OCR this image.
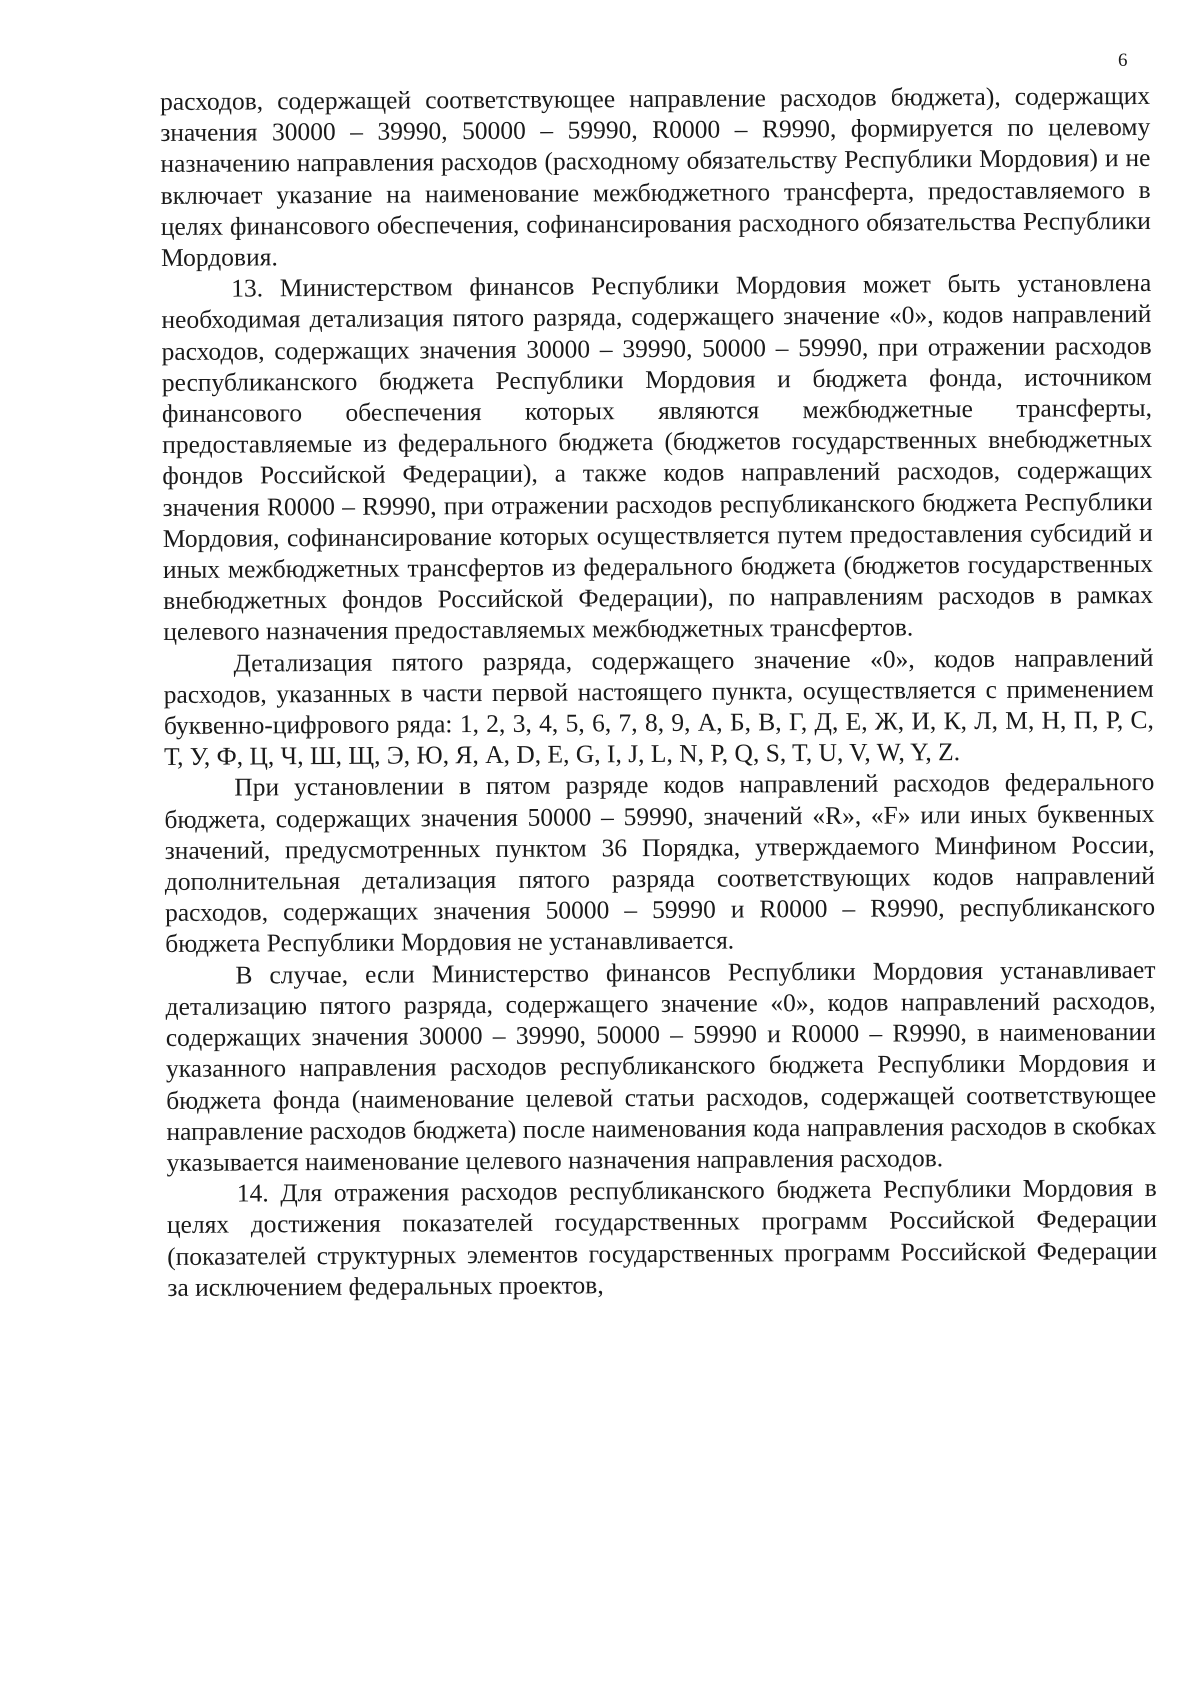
6

расходов, содержащей соответствующее направление расходов бюджета), содержащих значения 30000 – 39990, 50000 – 59990, R0000 – R9990, формируется по целевому назначению направления расходов (расходному обязательству Республики Мордовия) и не включает указание на наименование межбюджетного трансферта, предоставляемого в целях финансового обеспечения, софинансирования расходного обязательства Республики Мордовия.

13. Министерством финансов Республики Мордовия может быть установлена необходимая детализация пятого разряда, содержащего значение «0», кодов направлений расходов, содержащих значения 30000 – 39990, 50000 – 59990, при отражении расходов республиканского бюджета Республики Мордовия и бюджета фонда, источником финансового обеспечения которых являются межбюджетные трансферты, предоставляемые из федерального бюджета (бюджетов государственных внебюджетных фондов Российской Федерации), а также кодов направлений расходов, содержащих значения R0000 – R9990, при отражении расходов республиканского бюджета Республики Мордовия, софинансирование которых осуществляется путем предоставления субсидий и иных межбюджетных трансфертов из федерального бюджета (бюджетов государственных внебюджетных фондов Российской Федерации), по направлениям расходов в рамках целевого назначения предоставляемых межбюджетных трансфертов.

Детализация пятого разряда, содержащего значение «0», кодов направлений расходов, указанных в части первой настоящего пункта, осуществляется с применением буквенно-цифрового ряда: 1, 2, 3, 4, 5, 6, 7, 8, 9, А, Б, В, Г, Д, Е, Ж, И, К, Л, М, Н, П, Р, С, Т, У, Ф, Ц, Ч, Ш, Щ, Э, Ю, Я, A, D, E, G, I, J, L, N, P, Q, S, T, U, V, W, Y, Z.

При установлении в пятом разряде кодов направлений расходов федерального бюджета, содержащих значения 50000 – 59990, значений «R», «F» или иных буквенных значений, предусмотренных пунктом 36 Порядка, утверждаемого Минфином России, дополнительная детализация пятого разряда соответствующих кодов направлений расходов, содержащих значения 50000 – 59990 и R0000 – R9990, республиканского бюджета Республики Мордовия не устанавливается.

В случае, если Министерство финансов Республики Мордовия устанавливает детализацию пятого разряда, содержащего значение «0», кодов направлений расходов, содержащих значения 30000 – 39990, 50000 – 59990 и R0000 – R9990, в наименовании указанного направления расходов республиканского бюджета Республики Мордовия и бюджета фонда (наименование целевой статьи расходов, содержащей соответствующее направление расходов бюджета) после наименования кода направления расходов в скобках указывается наименование целевого назначения направления расходов.

14. Для отражения расходов республиканского бюджета Республики Мордовия в целях достижения показателей государственных программ Российской Федерации (показателей структурных элементов государственных программ Российской Федерации за исключением федеральных проектов,
